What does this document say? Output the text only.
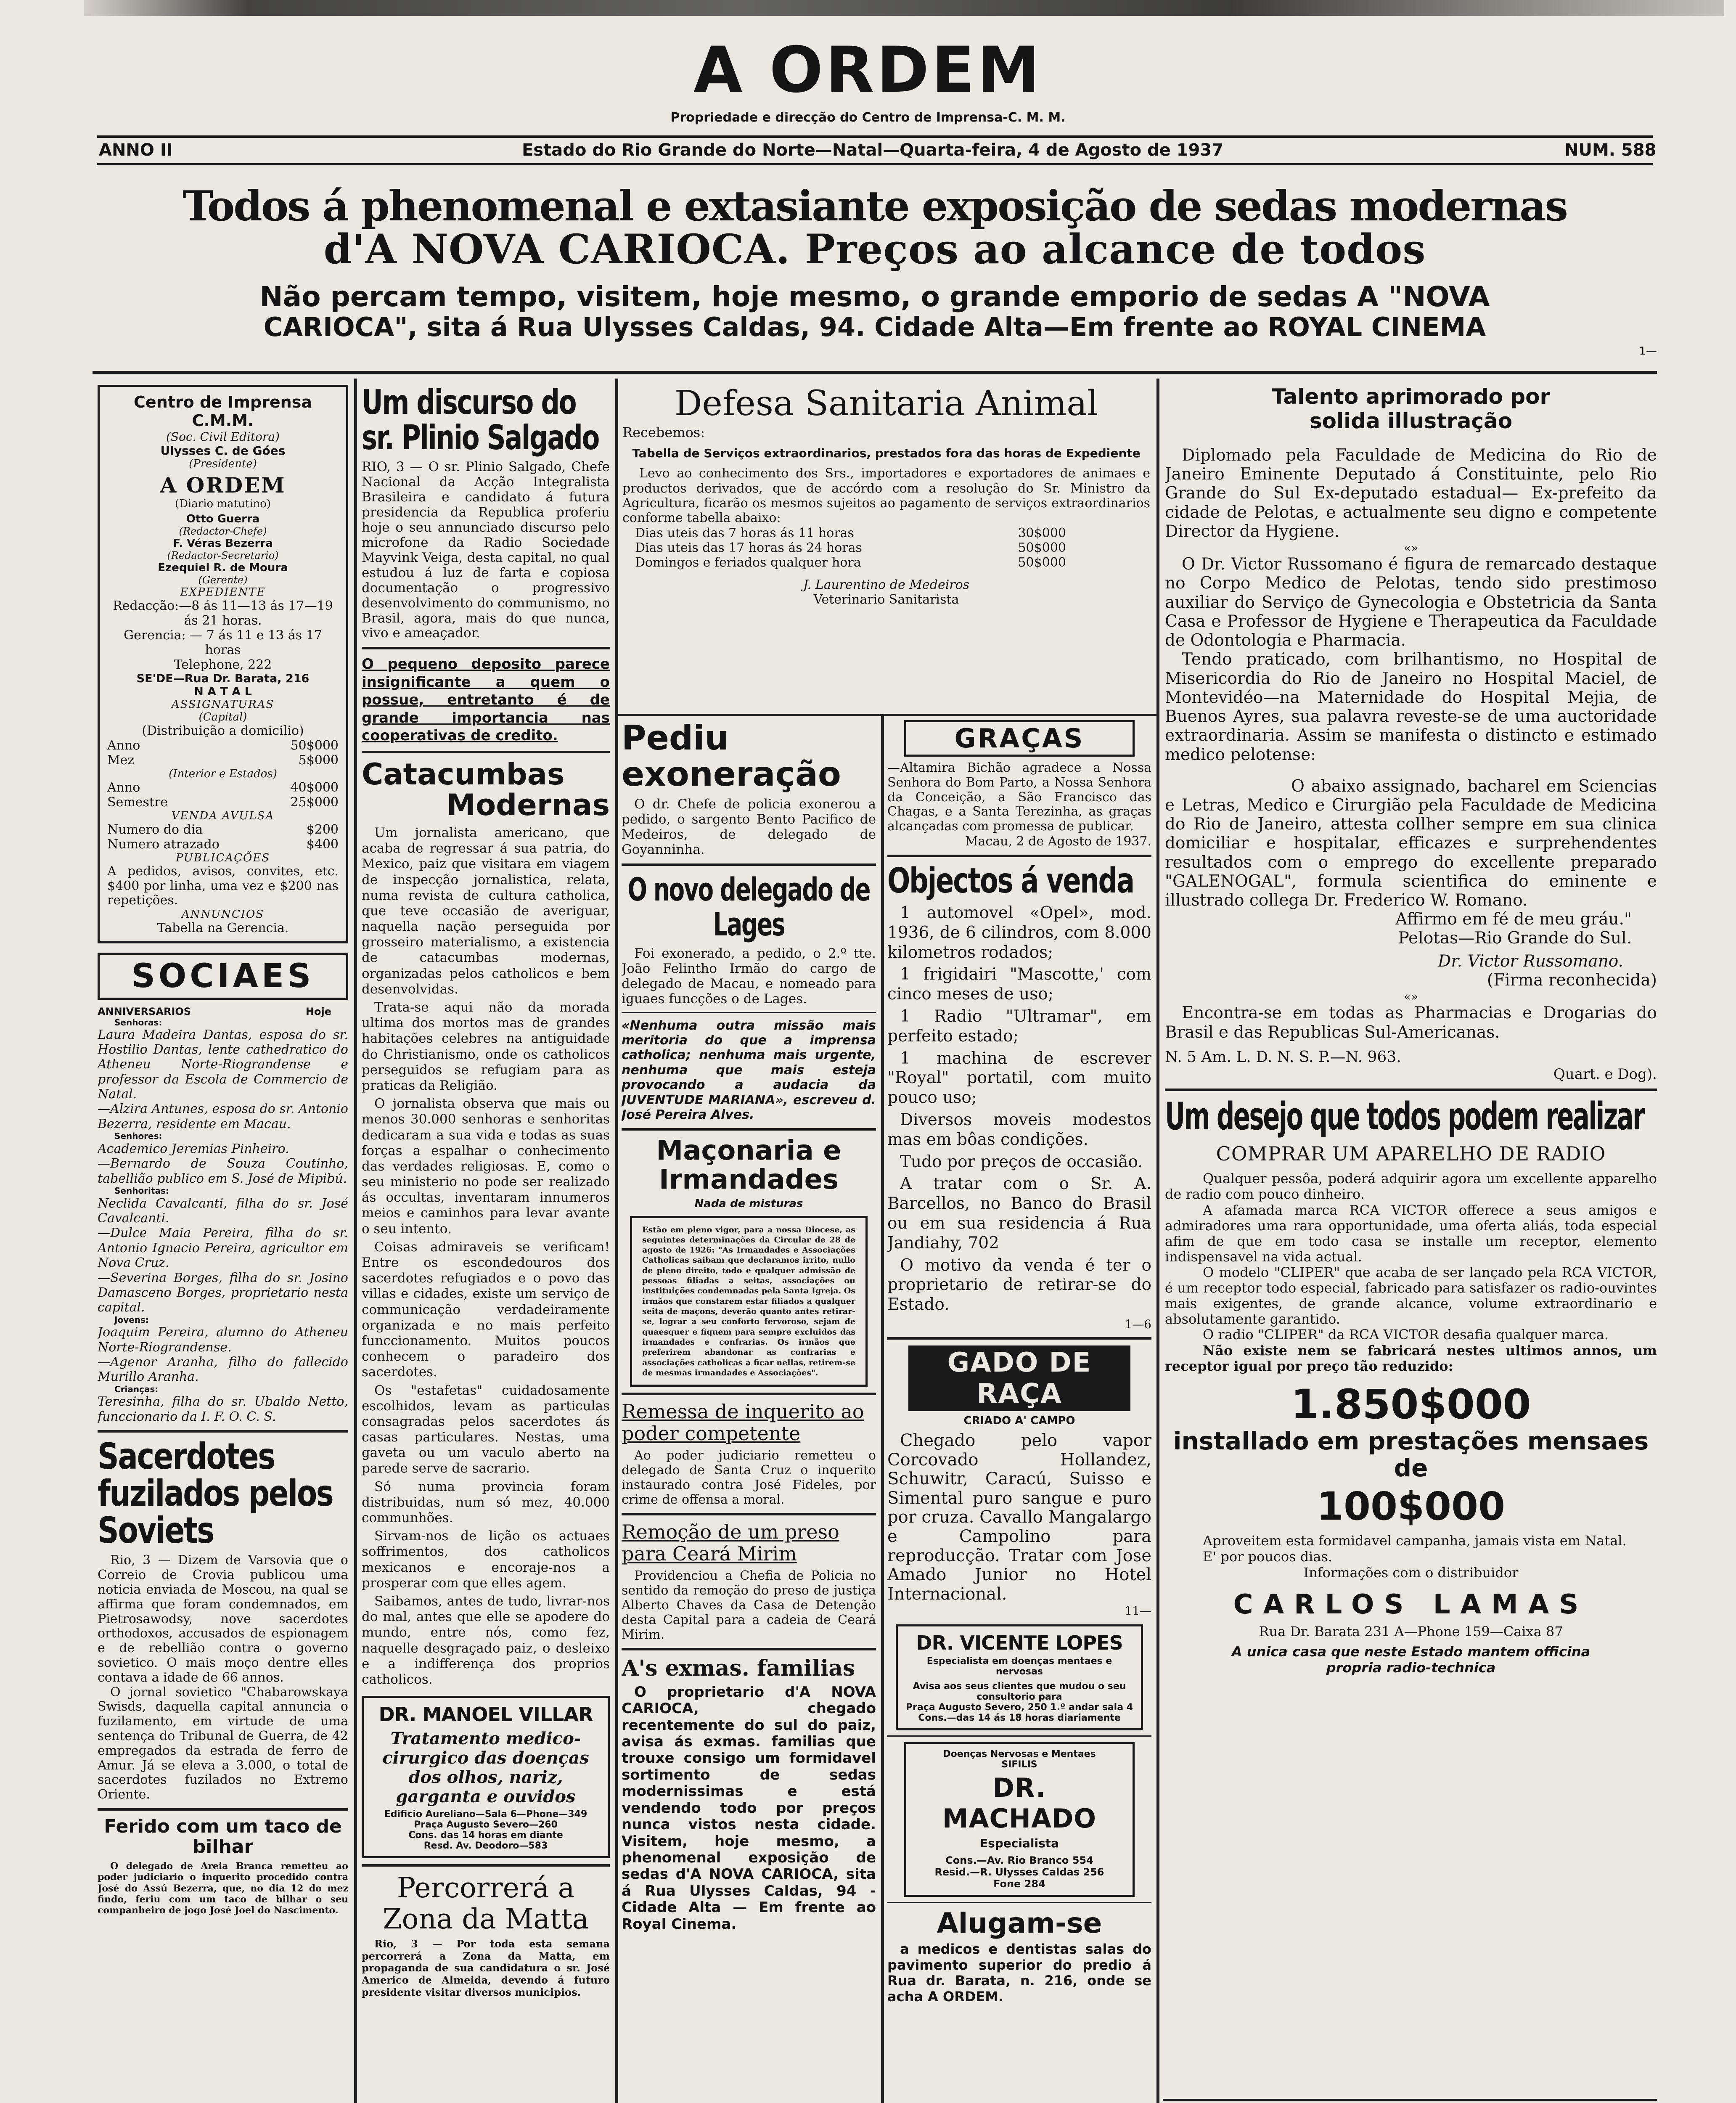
A ORDEM
Propriedade e direcção do Centro de Imprensa-C. M. M.
ANNO II	Estado do Rio Grande do Norte—Natal—Quarta-feira, 4 de Agosto de 1937	NUM. 588
Todos á phenomenal e extasiante exposição de sedas modernas
d'A NOVA CARIOCA. Preços ao alcance de todos
Não percam tempo, visitem, hoje mesmo, o grande emporio de sedas A "NOVA
CARIOCA", sita á Rua Ulysses Caldas, 94. Cidade Alta—Em frente ao ROYAL CINEMA
1—
Centro de Imprensa C.M.M.
(Soc. Civil Editora)
Ulysses C. de Góes
(Presidente)
A ORDEM
(Diario matutino)
Otto Guerra
(Redactor-Chefe)
F. Véras Bezerra
(Redactor-Secretario)
Ezequiel R. de Moura
(Gerente)
EXPEDIENTE
Redacção:—8 ás 11—13 ás 17—19 ás 21 horas.
Gerencia: — 7 ás 11 e 13 ás 17 horas
Telephone, 222
SE'DE—Rua Dr. Barata, 216
N A T A L
ASSIGNATURAS
(Capital)
(Distribuição a domicilio)
Anno	50$000
Mez	5$000
(Interior e Estados)
Anno	40$000
Semestre	25$000
VENDA AVULSA
Numero do dia	$200
Numero atrazado	$400
PUBLICAÇÕES
A pedidos, avisos, convites, etc. $400 por linha, uma vez e $200 nas repetições.
ANNUNCIOS
Tabella na Gerencia.
SOCIAES
ANNIVERSARIOS	Hoje
Senhoras:
Laura Madeira Dantas, esposa do sr. Hostilio Dantas, lente cathedratico do Atheneu Norte-Riograndense e professor da Escola de Commercio de Natal.
—Alzira Antunes, esposa do sr. Antonio Bezerra, residente em Macau.
Senhores:
Academico Jeremias Pinheiro.
—Bernardo de Souza Coutinho, tabellião publico em S. José de Mipibú.
Senhoritas:
Neclida Cavalcanti, filha do sr. José Cavalcanti.
—Dulce Maia Pereira, filha do sr. Antonio Ignacio Pereira, agricultor em Nova Cruz.
—Severina Borges, filha do sr. Josino Damasceno Borges, proprietario nesta capital.
Jovens:
Joaquim Pereira, alumno do Atheneu Norte-Riograndense.
—Agenor Aranha, filho do fallecido Murillo Aranha.
Crianças:
Teresinha, filha do sr. Ubaldo Netto, funccionario da I. F. O. C. S.
Sacerdotes fuzilados pelos Soviets
Rio, 3 — Dizem de Varsovia que o Correio de Crovia publicou uma noticia enviada de Moscou, na qual se affirma que foram condemnados, em Pietrosawodsy, nove sacerdotes orthodoxos, accusados de espionagem e de rebellião contra o governo sovietico. O mais moço dentre elles contava a idade de 66 annos.
O jornal sovietico "Chabarowskaya Swisds, daquella capital annuncia o fuzilamento, em virtude de uma sentença do Tribunal de Guerra, de 42 empregados da estrada de ferro de Amur. Já se eleva a 3.000, o total de sacerdotes fuzilados no Extremo Oriente.
Ferido com um taco de bilhar
O delegado de Areia Branca remetteu ao poder judiciario o inquerito procedido contra José do Assú Bezerra, que, no dia 12 do mez findo, feriu com um taco de bilhar o seu companheiro de jogo José Joel do Nascimento.
Um discurso do sr. Plinio Salgado
RIO, 3 — O sr. Plinio Salgado, Chefe Nacional da Acção Integralista Brasileira e candidato á futura presidencia da Republica proferiu hoje o seu annunciado discurso pelo microfone da Radio Sociedade Mayvink Veiga, desta capital, no qual estudou á luz de farta e copiosa documentação o progressivo desenvolvimento do communismo, no Brasil, agora, mais do que nunca, vivo e ameaçador.
O pequeno deposito parece insignificante a quem o possue, entretanto é de grande importancia nas cooperativas de credito.
Catacumbas
Modernas
Um jornalista americano, que acaba de regressar á sua patria, do Mexico, paiz que visitara em viagem de inspecção jornalistica, relata, numa revista de cultura catholica, que teve occasião de averiguar, naquella nação perseguida por grosseiro materialismo, a existencia de catacumbas modernas, organizadas pelos catholicos e bem desenvolvidas.
Trata-se aqui não da morada ultima dos mortos mas de grandes habitações celebres na antiguidade do Christianismo, onde os catholicos perseguidos se refugiam para as praticas da Religião.
O jornalista observa que mais ou menos 30.000 senhoras e senhoritas dedicaram a sua vida e todas as suas forças a espalhar o conhecimento das verdades religiosas. E, como o seu ministerio no pode ser realizado ás occultas, inventaram innumeros meios e caminhos para levar avante o seu intento.
Coisas admiraveis se verificam! Entre os escondedouros dos sacerdotes refugiados e o povo das villas e cidades, existe um serviço de communicação verdadeiramente organizada e no mais perfeito funccionamento. Muitos poucos conhecem o paradeiro dos sacerdotes.
Os "estafetas" cuidadosamente escolhidos, levam as particulas consagradas pelos sacerdotes ás casas particulares. Nestas, uma gaveta ou um vaculo aberto na parede serve de sacrario.
Só numa provincia foram distribuidas, num só mez, 40.000 communhões.
Sirvam-nos de lição os actuaes soffrimentos, dos catholicos mexicanos e encoraje-nos a prosperar com que elles agem.
Saibamos, antes de tudo, livrar-nos do mal, antes que elle se apodere do mundo, entre nós, como fez, naquelle desgraçado paiz, o desleixo e a indifferença dos proprios catholicos.
DR. MANOEL VILLAR
Tratamento medico-cirurgico das doenças dos olhos, nariz, garganta e ouvidos
Edificio Aureliano—Sala 6—Phone—349
Praça Augusto Severo—260
Cons. das 14 horas em diante
Resd. Av. Deodoro—583
Percorrerá a Zona da Matta
Rio, 3 — Por toda esta semana percorrerá a Zona da Matta, em propaganda de sua candidatura o sr. José Americo de Almeida, devendo á futuro presidente visitar diversos municipios.
Defesa Sanitaria Animal
Recebemos:
Tabella de Serviços extraordinarios, prestados fora das horas de Expediente
Levo ao conhecimento dos Srs., importadores e exportadores de animaes e productos derivados, que de accórdo com a resolução do Sr. Ministro da Agricultura, ficarão os mesmos sujeitos ao pagamento de serviços extraordinarios conforme tabella abaixo:
Dias uteis das 7 horas ás 11 horas	30$000
Dias uteis das 17 horas ás 24 horas	50$000
Domingos e feriados qualquer hora	50$000
J. Laurentino de Medeiros
Veterinario Sanitarista
Pediu exoneração
O dr. Chefe de policia exonerou a pedido, o sargento Bento Pacifico de Medeiros, de delegado de Goyanninha.
O novo delegado de Lages
Foi exonerado, a pedido, o 2.º tte. João Felintho Irmão do cargo de delegado de Macau, e nomeado para iguaes funcções o de Lages.
«Nenhuma outra missão mais meritoria do que a imprensa catholica; nenhuma mais urgente, nenhuma que mais esteja provocando a audacia da JUVENTUDE MARIANA», escreveu d. José Pereira Alves.
Maçonaria e Irmandades
Nada de misturas
Estão em pleno vigor, para a nossa Diocese, as seguintes determinações da Circular de 28 de agosto de 1926: "As Irmandades e Associações Catholicas saibam que declaramos irrito, nullo de pleno direito, todo e qualquer admissão de pessoas filiadas a seitas, associações ou instituições condemnadas pela Santa Igreja. Os irmãos que constarem estar filiados a qualquer seita de maçons, deverão quanto antes retirar-se, lograr a seu conforto fervoroso, sejam de quaesquer e fiquem para sempre excluidos das irmandades e confrarias. Os irmãos que preferirem abandonar as confrarias e associações catholicas a ficar nellas, retirem-se de mesmas irmandades e Associações".
Remessa de inquerito ao poder competente
Ao poder judiciario remetteu o delegado de Santa Cruz o inquerito instaurado contra José Fideles, por crime de offensa a moral.
Remoção de um preso para Ceará Mirim
Providenciou a Chefia de Policia no sentido da remoção do preso de justiça Alberto Chaves da Casa de Detenção desta Capital para a cadeia de Ceará Mirim.
A's exmas. familias
O proprietario d'A NOVA CARIOCA, chegado recentemente do sul do paiz, avisa ás exmas. familias que trouxe consigo um formidavel sortimento de sedas modernissimas e está vendendo todo por preços nunca vistos nesta cidade. Visitem, hoje mesmo, a phenomenal exposição de sedas d'A NOVA CARIOCA, sita á Rua Ulysses Caldas, 94 - Cidade Alta — Em frente ao Royal Cinema.
GRAÇAS
—Altamira Bichão agradece a Nossa Senhora do Bom Parto, a Nossa Senhora da Conceição, a São Francisco das Chagas, e a Santa Terezinha, as graças alcançadas com promessa de publicar.
Macau, 2 de Agosto de 1937.
Objectos á venda
1 automovel «Opel», mod. 1936, de 6 cilindros, com 8.000 kilometros rodados;
1 frigidairi "Mascotte,' com cinco meses de uso;
1 Radio "Ultramar", em perfeito estado;
1 machina de escrever "Royal" portatil, com muito pouco uso;
Diversos moveis modestos mas em bôas condições.
Tudo por preços de occasião.
A tratar com o Sr. A. Barcellos, no Banco do Brasil ou em sua residencia á Rua Jandiahy, 702
O motivo da venda é ter o proprietario de retirar-se do Estado.
1—6
GADO DE RAÇA
CRIADO A' CAMPO
Chegado pelo vapor Corcovado Hollandez, Schuwitr, Caracú, Suisso e Simental puro sangue e puro por cruza. Cavallo Mangalargo e Campolino para reproducção. Tratar com Jose Amado Junior no Hotel Internacional.
11—
DR. VICENTE LOPES
Especialista em doenças mentaes e nervosas
Avisa aos seus clientes que mudou o seu consultorio para
Praça Augusto Severo, 250 1.º andar sala 4
Cons.—das 14 ás 18 horas diariamente
Doenças Nervosas e Mentaes
SIFILIS
DR. MACHADO
Especialista
Cons.—Av. Rio Branco 554
Resid.—R. Ulysses Caldas 256
Fone 284
Alugam-se
a medicos e dentistas salas do pavimento superior do predio á Rua dr. Barata, n. 216, onde se acha A ORDEM.
Talento aprimorado por solida illustração
Diplomado pela Faculdade de Medicina do Rio de Janeiro Eminente Deputado á Constituinte, pelo Rio Grande do Sul Ex-deputado estadual— Ex-prefeito da cidade de Pelotas, e actualmente seu digno e competente Director da Hygiene.
«»
O Dr. Victor Russomano é figura de remarcado destaque no Corpo Medico de Pelotas, tendo sido prestimoso auxiliar do Serviço de Gynecologia e Obstetricia da Santa Casa e Professor de Hygiene e Therapeutica da Faculdade de Odontologia e Pharmacia.
Tendo praticado, com brilhantismo, no Hospital de Misericordia do Rio de Janeiro no Hospital Maciel, de Montevidéo—na Maternidade do Hospital Mejia, de Buenos Ayres, sua palavra reveste-se de uma auctoridade extraordinaria. Assim se manifesta o distincto e estimado medico pelotense:
O abaixo assignado, bacharel em Sciencias e Letras, Medico e Cirurgião pela Faculdade de Medicina do Rio de Janeiro, attesta collher sempre em sua clinica domiciliar e hospitalar, efficazes e surprehendentes resultados com o emprego do excellente preparado "GALENOGAL", formula scientifica do eminente e illustrado collega Dr. Frederico W. Romano.
Affirmo em fé de meu gráu."
Pelotas—Rio Grande do Sul.
Dr. Victor Russomano.
(Firma reconhecida)
«»
Encontra-se em todas as Pharmacias e Drogarias do Brasil e das Republicas Sul-Americanas.
N. 5 Am. L. D. N. S. P.—N. 963.
Quart. e Dog).
Um desejo que todos podem realizar
COMPRAR UM APARELHO DE RADIO
Qualquer pessôa, poderá adquirir agora um excellente apparelho de radio com pouco dinheiro.
A afamada marca RCA VICTOR offerece a seus amigos e admiradores uma rara opportunidade, uma oferta aliás, toda especial afim de que em todo casa se installe um receptor, elemento indispensavel na vida actual.
O modelo "CLIPER" que acaba de ser lançado pela RCA VICTOR, é um receptor todo especial, fabricado para satisfazer os radio-ouvintes mais exigentes, de grande alcance, volume extraordinario e absolutamente garantido.
O radio "CLIPER" da RCA VICTOR desafia qualquer marca.
Não existe nem se fabricará nestes ultimos annos, um receptor igual por preço tão reduzido:
1.850$000
installado em prestações mensaes de
100$000
Aproveitem esta formidavel campanha, jamais vista em Natal.
E' por poucos dias.
Informações com o distribuidor
CARLOS LAMAS
Rua Dr. Barata 231 A—Phone 159—Caixa 87
A unica casa que neste Estado mantem officina propria radio-technica
